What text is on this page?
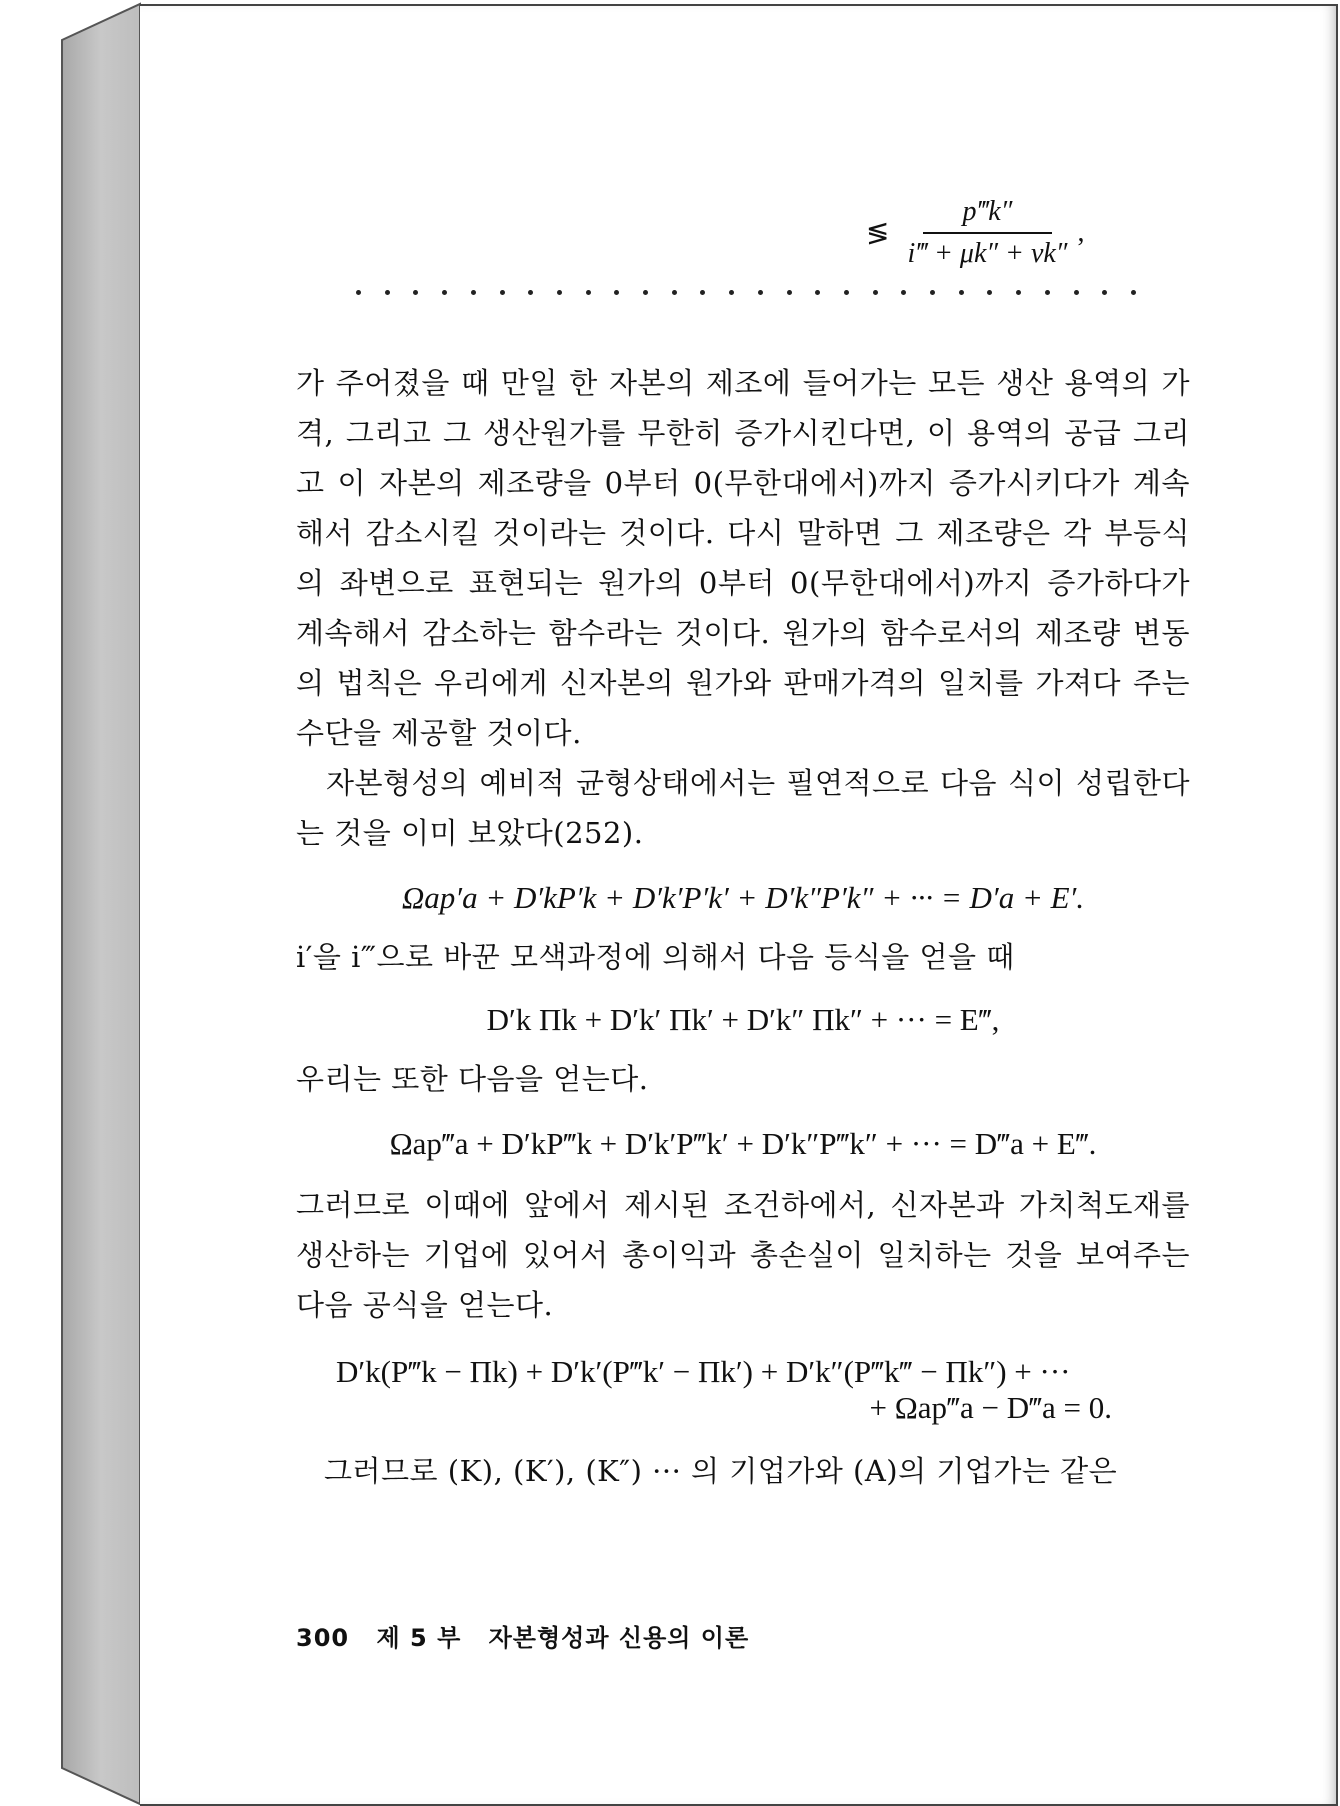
≶ $\frac{p‴k''}{i‴ + \mu k'' + \nu k''}$ ,

가 주어졌을 때 만일 한 자본의 제조에 들어가는 모든 생산 용역의 가격, 그리고 그 생산원가를 무한히 증가시킨다면, 이 용역의 공급 그리고 이 자본의 제조량을 0부터 0(무한대에서)까지 증가시키다가 계속해서 감소시킬 것이라는 것이다. 다시 말하면 그 제조량은 각 부등식의 좌변으로 표현되는 원가의 0부터 0(무한대에서)까지 증가하다가 계속해서 감소하는 함수라는 것이다. 원가의 함수로서의 제조량 변동의 법칙은 우리에게 신자본의 원가와 판매가격의 일치를 가져다 주는 수단을 제공할 것이다.

자본형성의 예비적 균형상태에서는 필연적으로 다음 식이 성립한다는 것을 이미 보았다(252).

Ωap′a + D′kP′k + D′k′P′k′ + D′k″P′k″ + ··· = D′a + E′.

i′을 i‴으로 바꾼 모색과정에 의해서 다음 등식을 얻을 때

D′k Πk + D′k′ Πk′ + D′k″ Πk″ + ··· = E‴,

우리는 또한 다음을 얻는다.

Ωap‴a + D′kP‴k + D′k′P‴k′ + D′k″P‴k″ + ··· = D‴a + E‴.

그러므로 이때에 앞에서 제시된 조건하에서, 신자본과 가치척도재를 생산하는 기업에 있어서 총이익과 총손실이 일치하는 것을 보여주는 다음 공식을 얻는다.

D′k(P‴k − Πk) + D′k′(P‴k′ − Πk′) + D′k″(P‴k‴ − Πk″) + ···

+ Ωap‴a − D‴a = 0.

그러므로 (K), (K′), (K″) ··· 의 기업가와 (A)의 기업가는 같은

300 제 5 부 자본형성과 신용의 이론
